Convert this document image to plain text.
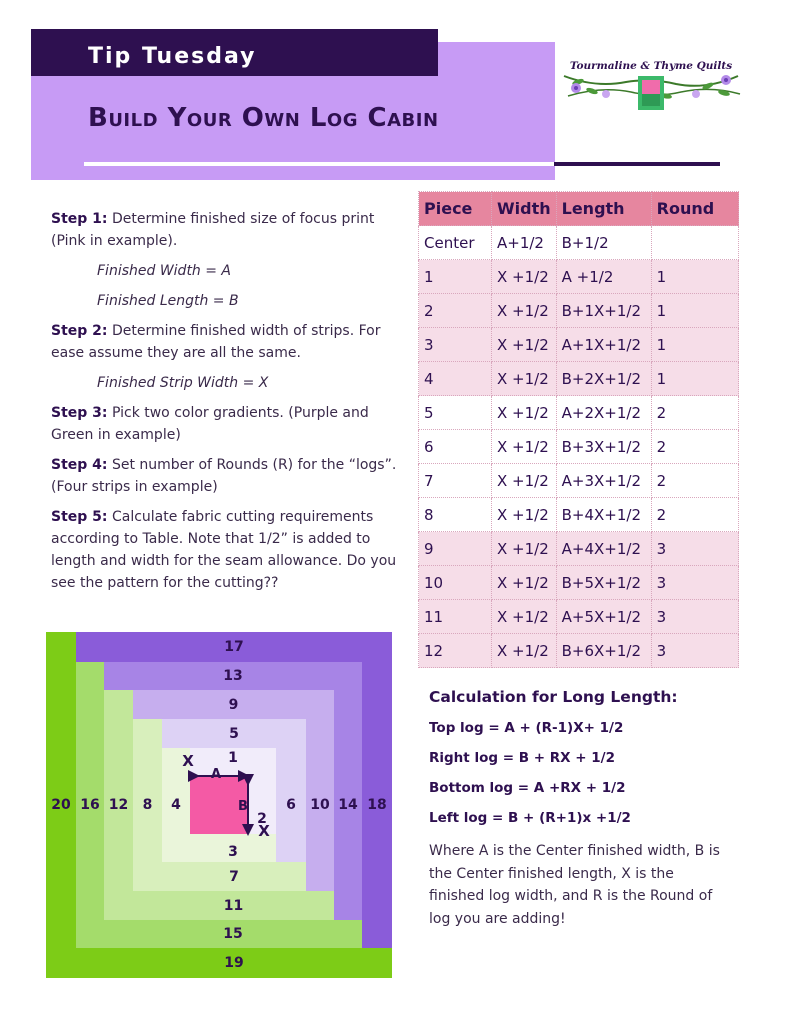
Tip Tuesday
Build Your Own Log Cabin
Tourmaline & Thyme Quilts

Step 1: Determine finished size of focus print (Pink in example).

Finished Width = A

Finished Length = B

Step 2: Determine finished width of strips. For ease assume they are all the same.

Finished Strip Width = X

Step 3: Pick two color gradients. (Purple and Green in example)

Step 4: Set number of Rounds (R) for the “logs”. (Four strips in example)

Step 5: Calculate fabric cutting requirements according to Table. Note that 1/2” is added to length and width for the seam allowance. Do you see the pattern for the cutting??

Piece	Width	Length	Round
Center	A+1/2	B+1/2	
1	X +1/2	A +1/2	1
2	X +1/2	B+1X+1/2	1
3	X +1/2	A+1X+1/2	1
4	X +1/2	B+2X+1/2	1
5	X +1/2	A+2X+1/2	2
6	X +1/2	B+3X+1/2	2
7	X +1/2	A+3X+1/2	2
8	X +1/2	B+4X+1/2	2
9	X +1/2	A+4X+1/2	3
10	X +1/2	B+5X+1/2	3
11	X +1/2	A+5X+1/2	3
12	X +1/2	B+6X+1/2	3
20
17
18
19
16
13
14
15
12
9
10
11
8
5
6
7
4
1
2
3
A
B
X
X
Calculation for Long Length:
Top log = A + (R-1)X+ 1/2
Right log = B + RX + 1/2
Bottom log = A +RX + 1/2
Left log = B + (R+1)x +1/2
Where A is the Center finished width, B is the Center finished length, X is the finished log width, and R is the Round of log you are adding!
